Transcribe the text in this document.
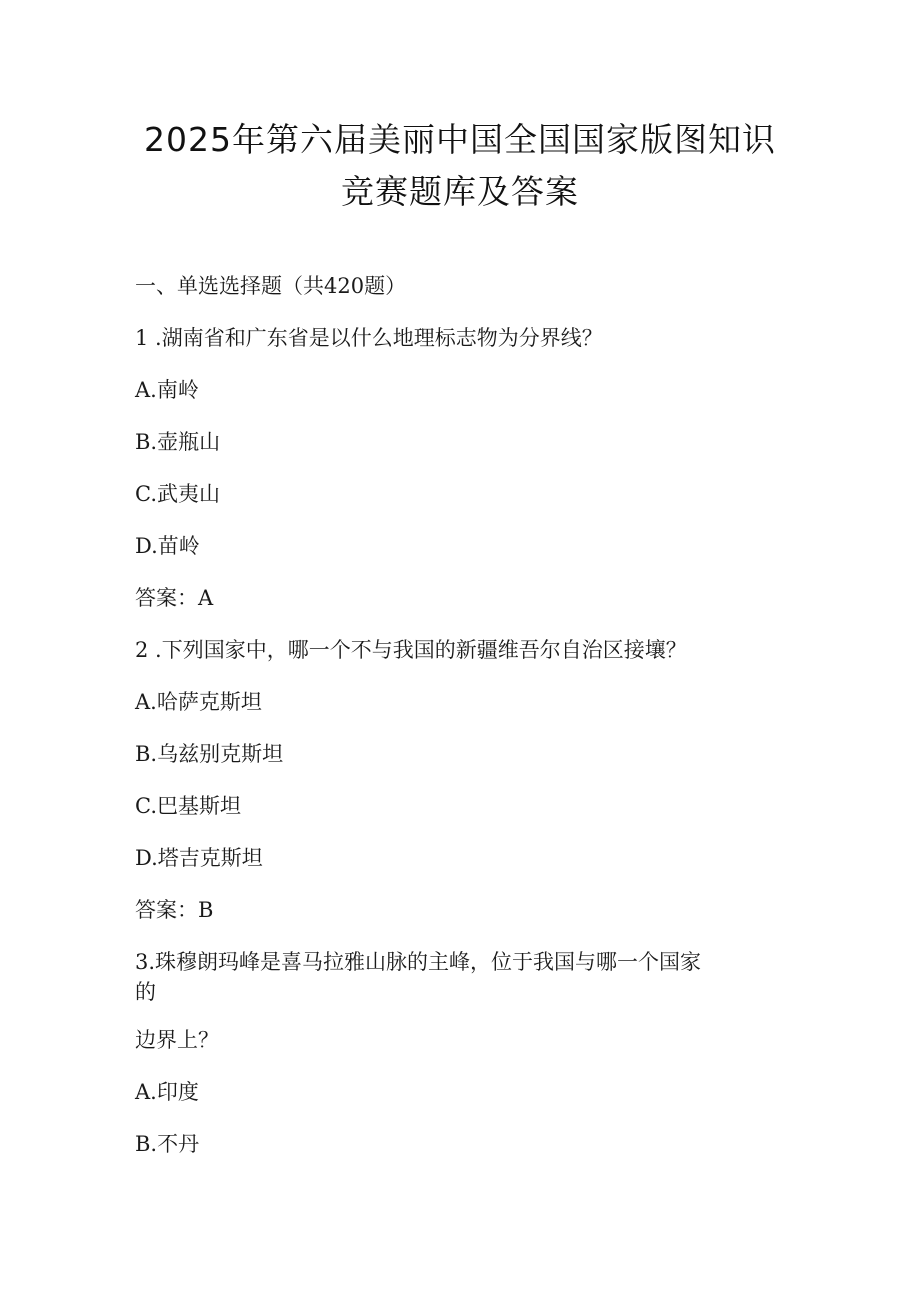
2025年第六届美丽中国全国国家版图知识
竞赛题库及答案

一、单选选择题（共420题）

1 .湖南省和广东省是以什么地理标志物为分界线？

A.南岭

B.壶瓶山

C.武夷山

D.苗岭

答案：A

2 .下列国家中，哪一个不与我国的新疆维吾尔自治区接壤？

A.哈萨克斯坦

B.乌兹别克斯坦

C.巴基斯坦

D.塔吉克斯坦

答案：B

3.珠穆朗玛峰是喜马拉雅山脉的主峰，位于我国与哪一个国家

的

边界上？

A.印度

B.不丹
